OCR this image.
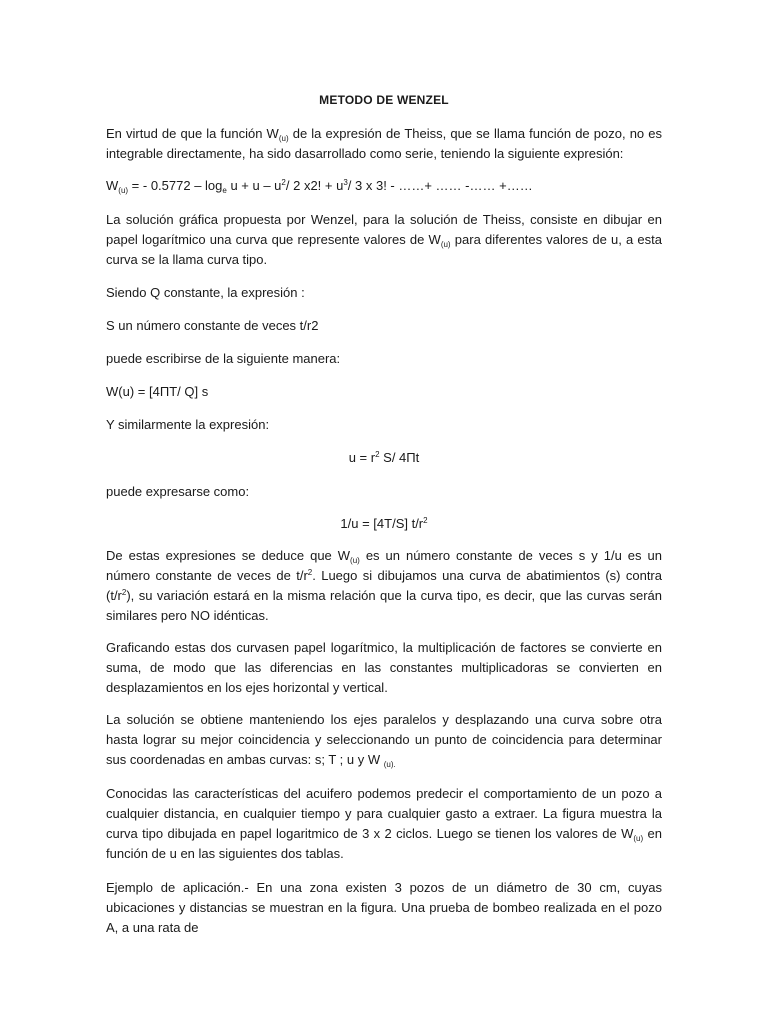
METODO DE WENZEL

En virtud de que la función $W_{(u)}$ de la expresión de Theiss, que se llama función de pozo, no es integrable directamente, ha sido dasarrollado como serie, teniendo la siguiente expresión:

$W_{(u)}$ = - $0.5772 - \log_e u + u - u^2/$ 2 x2! + $u^3/$ 3 x 3! - ……+ …… -…… +……

La solución gráfica propuesta por Wenzel, para la solución de Theiss, consiste en dibujar en papel logarítmico una curva que represente valores de $W_{(u)}$ para diferentes valores de u, a esta curva se la llama curva tipo.

Siendo Q constante, la expresión :

S un número constante de veces t/r2

puede escribirse de la siguiente manera:

W(u) = [4ΠT/ Q] s

Y similarmente la expresión:

$u = r^2$ S/ 4Πt

puede expresarse como:

1/u = [4T/S] $t/r^2$

De estas expresiones se deduce que $W_{(u)}$ es un número constante de veces s y 1/u es un número constante de veces de $t/r^2$. Luego si dibujamos una curva de abatimientos (s) contra $(t/r^2)$, su variación estará en la misma relación que la curva tipo, es decir, que las curvas serán similares pero NO idénticas.

Graficando estas dos curvasen papel logarítmico, la multiplicación de factores se convierte en suma, de modo que las diferencias en las constantes multiplicadoras se convierten en desplazamientos en los ejes horizontal y vertical.

La solución se obtiene manteniendo los ejes paralelos y desplazando una curva sobre otra hasta lograr su mejor coincidencia y seleccionando un punto de coincidencia para determinar sus coordenadas en ambas curvas: s; T ; u y W $_{(u).}$

Conocidas las características del acuifero podemos predecir el comportamiento de un pozo a cualquier distancia, en cualquier tiempo y para cualquier gasto a extraer. La figura muestra la curva tipo dibujada en papel logaritmico de 3 x 2 ciclos. Luego se tienen los valores de $W_{(u)}$ en función de u en las siguientes dos tablas.

Ejemplo de aplicación.- En una zona existen 3 pozos de un diámetro de 30 cm, cuyas ubicaciones y distancias se muestran en la figura. Una prueba de bombeo realizada en el pozo A, a una rata de
